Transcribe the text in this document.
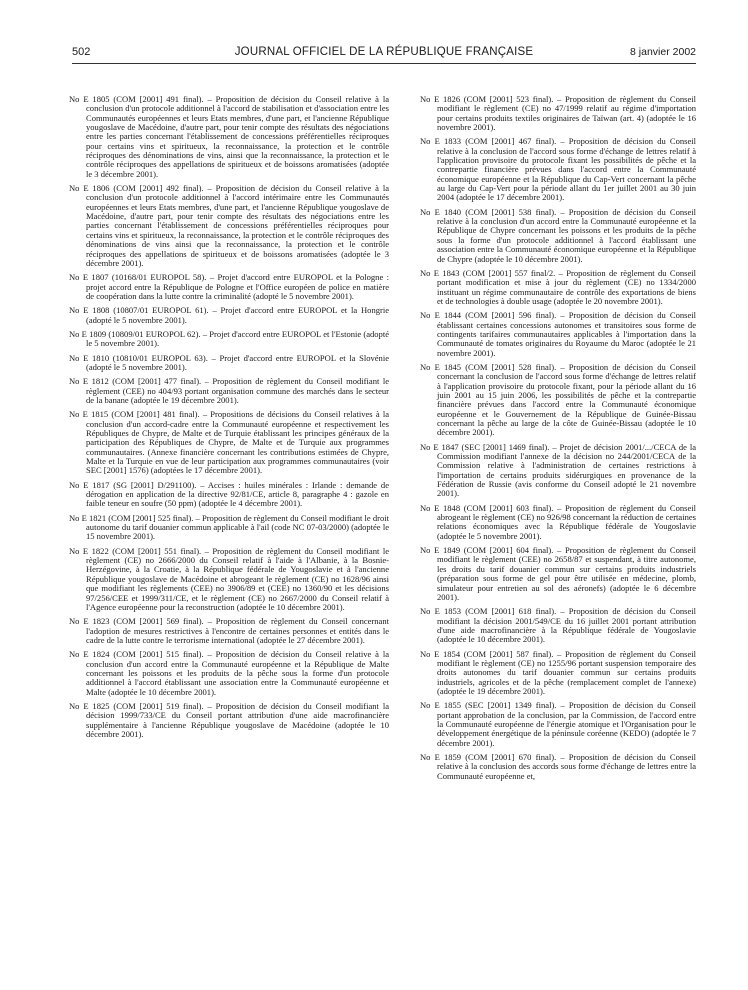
502	JOURNAL OFFICIEL DE LA RÉPUBLIQUE FRANÇAISE	8 janvier 2002

No E 1805 (COM [2001] 491 final). – Proposition de décision du Conseil relative à la conclusion d'un protocole additionnel à l'accord de stabilisation et d'association entre les Communautés européennes et leurs Etats membres, d'une part, et l'ancienne République yougoslave de Macédoine, d'autre part, pour tenir compte des résultats des négociations entre les parties concernant l'établissement de concessions préférentielles réciproques pour certains vins et spiritueux, la reconnaissance, la protection et le contrôle réciproques des dénominations de vins, ainsi que la reconnaissance, la protection et le contrôle réciproques des appellations de spiritueux et de boissons aromatisées (adoptée le 3 décembre 2001).

No E 1806 (COM [2001] 492 final). – Proposition de décision du Conseil relative à la conclusion d'un protocole additionnel à l'accord intérimaire entre les Communautés européennes et leurs Etats membres, d'une part, et l'ancienne République yougoslave de Macédoine, d'autre part, pour tenir compte des résultats des négociations entre les parties concernant l'établissement de concessions préférentielles réciproques pour certains vins et spiritueux, la reconnaissance, la protection et le contrôle réciproques des dénominations de vins ainsi que la reconnaissance, la protection et le contrôle réciproques des appellations de spiritueux et de boissons aromatisées (adoptée le 3 décembre 2001).

No E 1807 (10168/01 EUROPOL 58). – Projet d'accord entre EUROPOL et la Pologne : projet accord entre la République de Pologne et l'Office européen de police en matière de coopération dans la lutte contre la criminalité (adopté le 5 novembre 2001).

No E 1808 (10807/01 EUROPOL 61). – Projet d'accord entre EUROPOL et la Hongrie (adopté le 5 novembre 2001).

No E 1809 (10809/01 EUROPOL 62). – Projet d'accord entre EUROPOL et l'Estonie (adopté le 5 novembre 2001).

No E 1810 (10810/01 EUROPOL 63). – Projet d'accord entre EUROPOL et la Slovénie (adopté le 5 novembre 2001).

No E 1812 (COM [2001] 477 final). – Proposition de règlement du Conseil modifiant le règlement (CEE) no 404/93 portant organisation commune des marchés dans le secteur de la banane (adoptée le 19 décembre 2001).

No E 1815 (COM [2001] 481 final). – Propositions de décisions du Conseil relatives à la conclusion d'un accord-cadre entre la Communauté européenne et respectivement les Républiques de Chypre, de Malte et de Turquie établissant les principes généraux de la participation des Républiques de Chypre, de Malte et de Turquie aux programmes communautaires. (Annexe financière concernant les contributions estimées de Chypre, Malte et la Turquie en vue de leur participation aux programmes communautaires (voir SEC [2001] 1576) (adoptées le 17 décembre 2001).

No E 1817 (SG [2001] D/291100). – Accises : huiles minérales : Irlande : demande de dérogation en application de la directive 92/81/CE, article 8, paragraphe 4 : gazole en faible teneur en soufre (50 ppm) (adoptée le 4 décembre 2001).

No E 1821 (COM [2001] 525 final). – Proposition de règlement du Conseil modifiant le droit autonome du tarif douanier commun applicable à l'ail (code NC 07-03/2000) (adoptée le 15 novembre 2001).

No E 1822 (COM [2001] 551 final). – Proposition de règlement du Conseil modifiant le règlement (CE) no 2666/2000 du Conseil relatif à l'aide à l'Albanie, à la Bosnie-Herzégovine, à la Croatie, à la République fédérale de Yougoslavie et à l'ancienne République yougoslave de Macédoine et abrogeant le règlement (CE) no 1628/96 ainsi que modifiant les règlements (CEE) no 3906/89 et (CEE) no 1360/90 et les décisions 97/256/CEE et 1999/311/CE, et le règlement (CE) no 2667/2000 du Conseil relatif à l'Agence européenne pour la reconstruction (adoptée le 10 décembre 2001).

No E 1823 (COM [2001] 569 final). – Proposition de règlement du Conseil concernant l'adoption de mesures restrictives à l'encontre de certaines personnes et entités dans le cadre de la lutte contre le terrorisme international (adoptée le 27 décembre 2001).

No E 1824 (COM [2001] 515 final). – Proposition de décision du Conseil relative à la conclusion d'un accord entre la Communauté européenne et la République de Malte concernant les poissons et les produits de la pêche sous la forme d'un protocole additionnel à l'accord établissant une association entre la Communauté européenne et Malte (adoptée le 10 décembre 2001).

No E 1825 (COM [2001] 519 final). – Proposition de décision du Conseil modifiant la décision 1999/733/CE du Conseil portant attribution d'une aide macrofinancière supplémentaire à l'ancienne République yougoslave de Macédoine (adoptée le 10 décembre 2001).

No E 1826 (COM [2001] 523 final). – Proposition de règlement du Conseil modifiant le règlement (CE) no 47/1999 relatif au régime d'importation pour certains produits textiles originaires de Taïwan (art. 4) (adoptée le 16 novembre 2001).

No E 1833 (COM [2001] 467 final). – Proposition de décision du Conseil relative à la conclusion de l'accord sous forme d'échange de lettres relatif à l'application provisoire du protocole fixant les possibilités de pêche et la contrepartie financière prévues dans l'accord entre la Communauté économique européenne et la République du Cap-Vert concernant la pêche au large du Cap-Vert pour la période allant du 1er juillet 2001 au 30 juin 2004 (adoptée le 17 décembre 2001).

No E 1840 (COM [2001] 538 final). – Proposition de décision du Conseil relative à la conclusion d'un accord entre la Communauté européenne et la République de Chypre concernant les poissons et les produits de la pêche sous la forme d'un protocole additionnel à l'accord établissant une association entre la Communauté économique européenne et la République de Chypre (adoptée le 10 décembre 2001).

No E 1843 (COM [2001] 557 final/2. – Proposition de règlement du Conseil portant modification et mise à jour du règlement (CE) no 1334/2000 instituant un régime communautaire de contrôle des exportations de biens et de technologies à double usage (adoptée le 20 novembre 2001).

No E 1844 (COM [2001] 596 final). – Proposition de décision du Conseil établissant certaines concessions autonomes et transitoires sous forme de contingents tarifaires communautaires applicables à l'importation dans la Communauté de tomates originaires du Royaume du Maroc (adoptée le 21 novembre 2001).

No E 1845 (COM [2001] 528 final). – Proposition de décision du Conseil concernant la conclusion de l'accord sous forme d'échange de lettres relatif à l'application provisoire du protocole fixant, pour la période allant du 16 juin 2001 au 15 juin 2006, les possibilités de pêche et la contrepartie financière prévues dans l'accord entre la Communauté économique européenne et le Gouvernement de la République de Guinée-Bissau concernant la pêche au large de la côte de Guinée-Bissau (adoptée le 10 décembre 2001).

No E 1847 (SEC [2001] 1469 final). – Projet de décision 2001/.../CECA de la Commission modifiant l'annexe de la décision no 244/2001/CECA de la Commission relative à l'administration de certaines restrictions à l'importation de certains produits sidérurgiques en provenance de la Fédération de Russie (avis conforme du Conseil adopté le 21 novembre 2001).

No E 1848 (COM [2001] 603 final). – Proposition de règlement du Conseil abrogeant le règlement (CE) no 926/98 concernant la réduction de certaines relations économiques avec la République fédérale de Yougoslavie (adoptée le 5 novembre 2001).

No E 1849 (COM [2001] 604 final). – Proposition de règlement du Conseil modifiant le règlement (CEE) no 2658/87 et suspendant, à titre autonome, les droits du tarif douanier commun sur certains produits industriels (préparation sous forme de gel pour être utilisée en médecine, plomb, simulateur pour entretien au sol des aéronefs) (adoptée le 6 décembre 2001).

No E 1853 (COM [2001] 618 final). – Proposition de décision du Conseil modifiant la décision 2001/549/CE du 16 juillet 2001 portant attribution d'une aide macrofinancière à la République fédérale de Yougoslavie (adoptée le 10 décembre 2001).

No E 1854 (COM [2001] 587 final). – Proposition de règlement du Conseil modifiant le règlement (CE) no 1255/96 portant suspension temporaire des droits autonomes du tarif douanier commun sur certains produits industriels, agricoles et de la pêche (remplacement complet de l'annexe) (adoptée le 19 décembre 2001).

No E 1855 (SEC [2001] 1349 final). – Proposition de décision du Conseil portant approbation de la conclusion, par la Commission, de l'accord entre la Communauté européenne de l'énergie atomique et l'Organisation pour le développement énergétique de la péninsule coréenne (KEDO) (adoptée le 7 décembre 2001).

No E 1859 (COM [2001] 670 final). – Proposition de décision du Conseil relative à la conclusion des accords sous forme d'échange de lettres entre la Communauté européenne et,
